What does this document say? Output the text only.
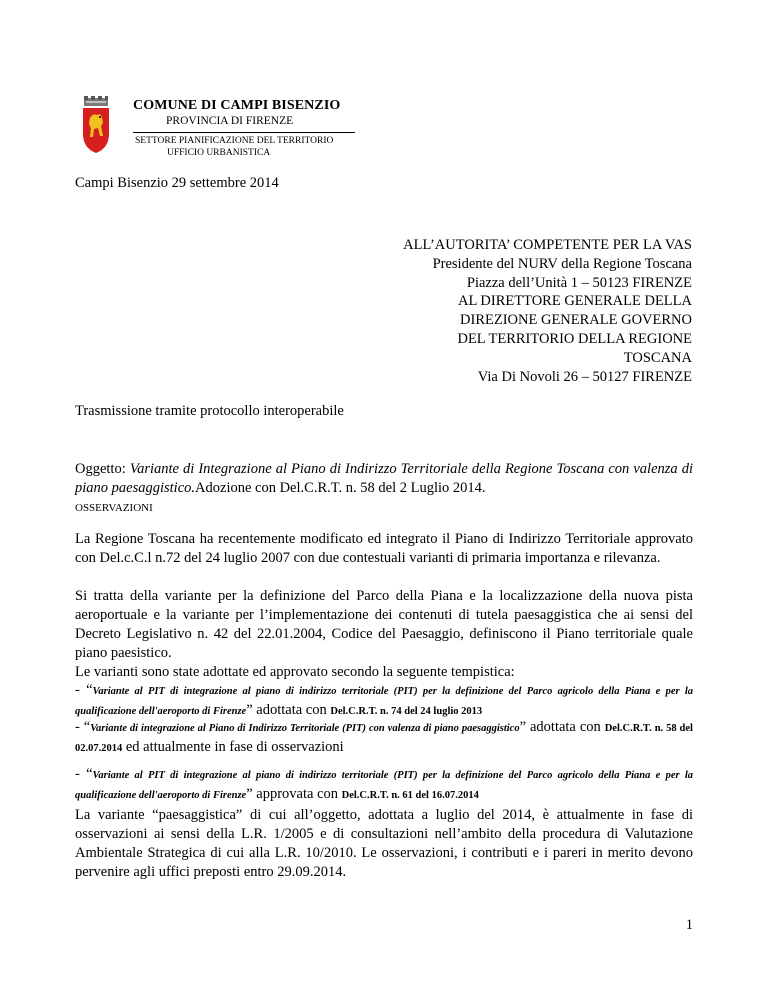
COMUNE DI CAMPI BISENZIO
PROVINCIA DI FIRENZE
SETTORE PIANIFICAZIONE DEL TERRITORIO
UFFICIO URBANISTICA
Campi Bisenzio 29 settembre 2014
ALL’AUTORITA’ COMPETENTE PER LA VAS
Presidente del NURV della Regione Toscana
Piazza dell’Unità 1 – 50123 FIRENZE
AL DIRETTORE GENERALE DELLA
DIREZIONE GENERALE GOVERNO
DEL TERRITORIO DELLA REGIONE
TOSCANA
Via Di Novoli 26 – 50127 FIRENZE
Trasmissione tramite protocollo interoperabile
Oggetto: Variante di Integrazione al Piano di Indirizzo Territoriale della Regione Toscana con valenza di piano paesaggistico.Adozione con Del.C.R.T. n. 58 del 2 Luglio 2014.
OSSERVAZIONI
La Regione Toscana ha recentemente modificato ed integrato il Piano di Indirizzo Territoriale approvato con Del.c.C.l n.72 del 24 luglio 2007 con due contestuali varianti di primaria importanza e rilevanza.
Si tratta della variante per la definizione del Parco della Piana e la localizzazione della nuova pista aeroportuale e la variante per l’implementazione dei contenuti di tutela paesaggistica che ai sensi del Decreto Legislativo n. 42 del 22.01.2004, Codice del Paesaggio, definiscono il Piano territoriale quale piano paesistico.
Le varianti sono state adottate ed approvato secondo la seguente tempistica:
- “Variante al PIT di integrazione al piano di indirizzo territoriale (PIT) per la definizione del Parco agricolo della Piana e per la qualificazione dell'aeroporto di Firenze” adottata con Del.C.R.T. n. 74 del 24 luglio 2013
- “Variante di integrazione al Piano di Indirizzo Territoriale (PIT) con valenza di piano paesaggistico” adottata con Del.C.R.T. n. 58 del 02.07.2014 ed attualmente in fase di osservazioni
- “Variante al PIT di integrazione al piano di indirizzo territoriale (PIT) per la definizione del Parco agricolo della Piana e per la qualificazione dell'aeroporto di Firenze” approvata con Del.C.R.T. n. 61 del 16.07.2014
La variante “paesaggistica” di cui all’oggetto, adottata a luglio del 2014, è attualmente in fase di osservazioni ai sensi della L.R. 1/2005 e di consultazioni nell’ambito della procedura di Valutazione Ambientale Strategica di cui alla L.R. 10/2010. Le osservazioni, i contributi e i pareri in merito devono pervenire agli uffici preposti entro 29.09.2014.
1
